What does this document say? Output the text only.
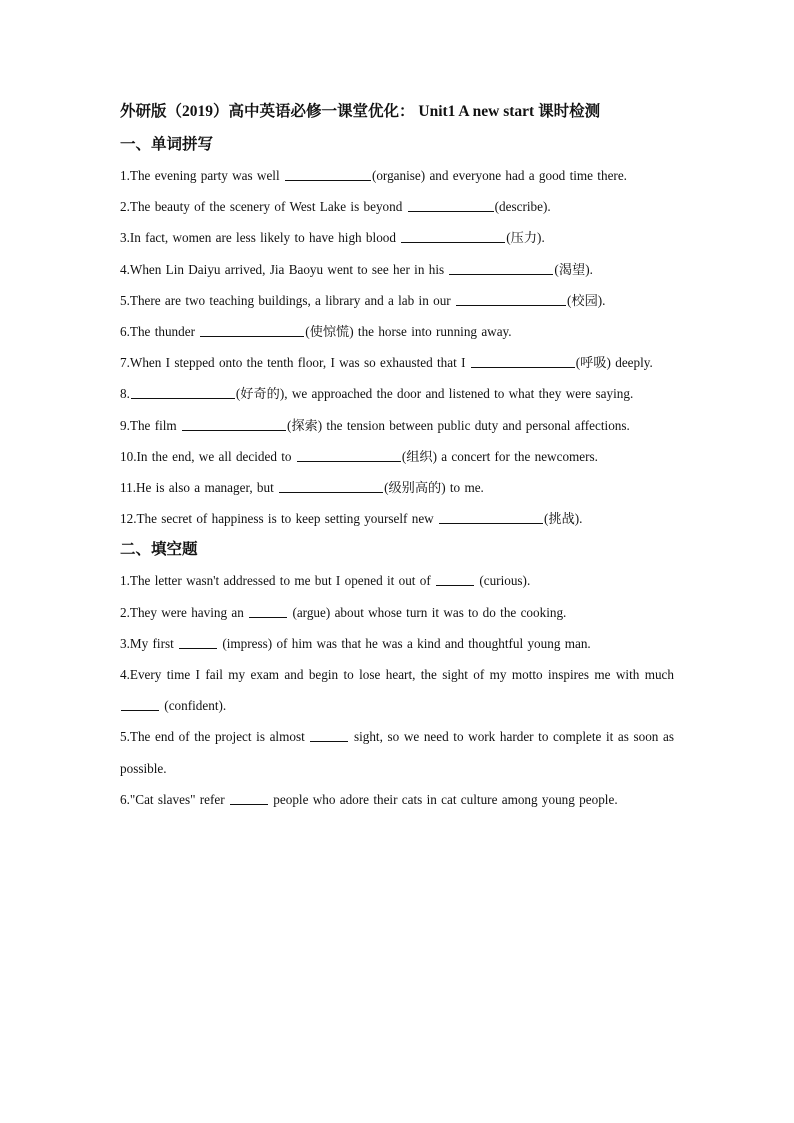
外研版（2019）高中英语必修一课堂优化： Unit1 A new start 课时检测
一、单词拼写
1.The evening party was well	(organise) and everyone had a good time there.
2.The beauty of the scenery of West Lake is beyond	(describe).
3.In fact, women are less likely to have high blood	(压力).
4.When Lin Daiyu arrived, Jia Baoyu went to see her in his	(渴望).
5.There are two teaching buildings, a library and a lab in our	(校园).
6.The thunder	(使惊慌) the horse into running away.
7.When I stepped onto the tenth floor, I was so exhausted that I	(呼吸) deeply.
8.	(好奇的), we approached the door and listened to what they were saying.
9.The film	(探索) the tension between public duty and personal affections.
10.In the end, we all decided to	(组织) a concert for the newcomers.
11.He is also a manager, but	(级别高的) to me.
12.The secret of happiness is to keep setting yourself new	(挑战).
二、填空题
1.The letter wasn't addressed to me but I opened it out of	(curious).
2.They were having an	(argue) about whose turn it was to do the cooking.
3.My first	(impress) of him was that he was a kind and thoughtful young man.
4.Every time I fail my exam and begin to lose heart, the sight of my motto inspires me with much  (confident).
5.The end of the project is almost	sight, so we need to work harder to complete it as soon as possible.
6."Cat slaves" refer	people who adore their cats in cat culture among young people.
